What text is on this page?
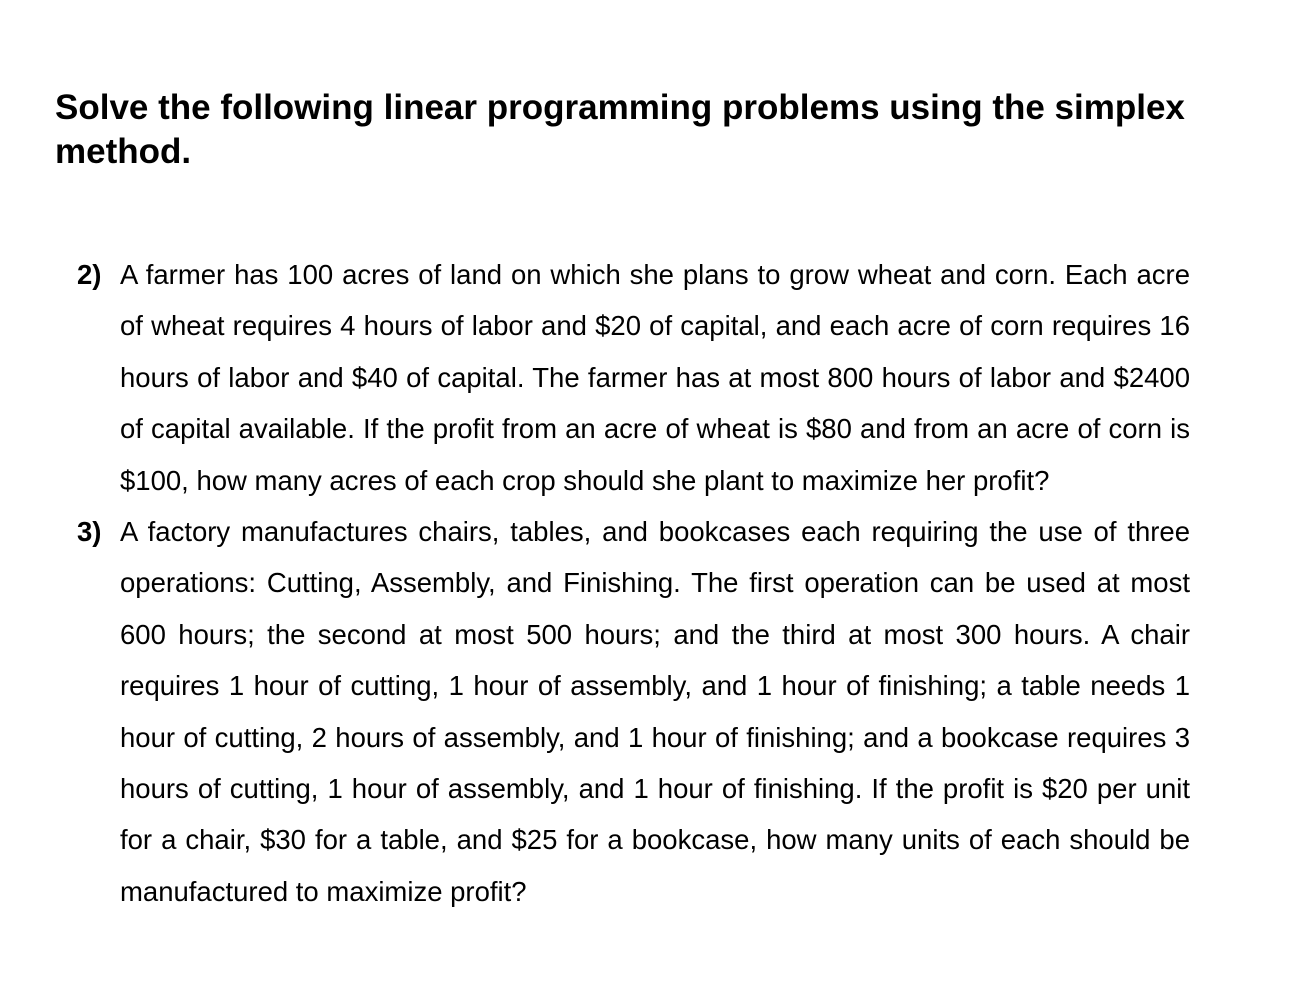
Solve the following linear programming problems using the simplex method.
2) A farmer has 100 acres of land on which she plans to grow wheat and corn. Each acre of wheat requires 4 hours of labor and $20 of capital, and each acre of corn requires 16 hours of labor and $40 of capital. The farmer has at most 800 hours of labor and $2400 of capital available. If the profit from an acre of wheat is $80 and from an acre of corn is $100, how many acres of each crop should she plant to maximize her profit?
3) A factory manufactures chairs, tables, and bookcases each requiring the use of three operations: Cutting, Assembly, and Finishing. The first operation can be used at most 600 hours; the second at most 500 hours; and the third at most 300 hours. A chair requires 1 hour of cutting, 1 hour of assembly, and 1 hour of finishing; a table needs 1 hour of cutting, 2 hours of assembly, and 1 hour of finishing; and a bookcase requires 3 hours of cutting, 1 hour of assembly, and 1 hour of finishing. If the profit is $20 per unit for a chair, $30 for a table, and $25 for a bookcase, how many units of each should be manufactured to maximize profit?
